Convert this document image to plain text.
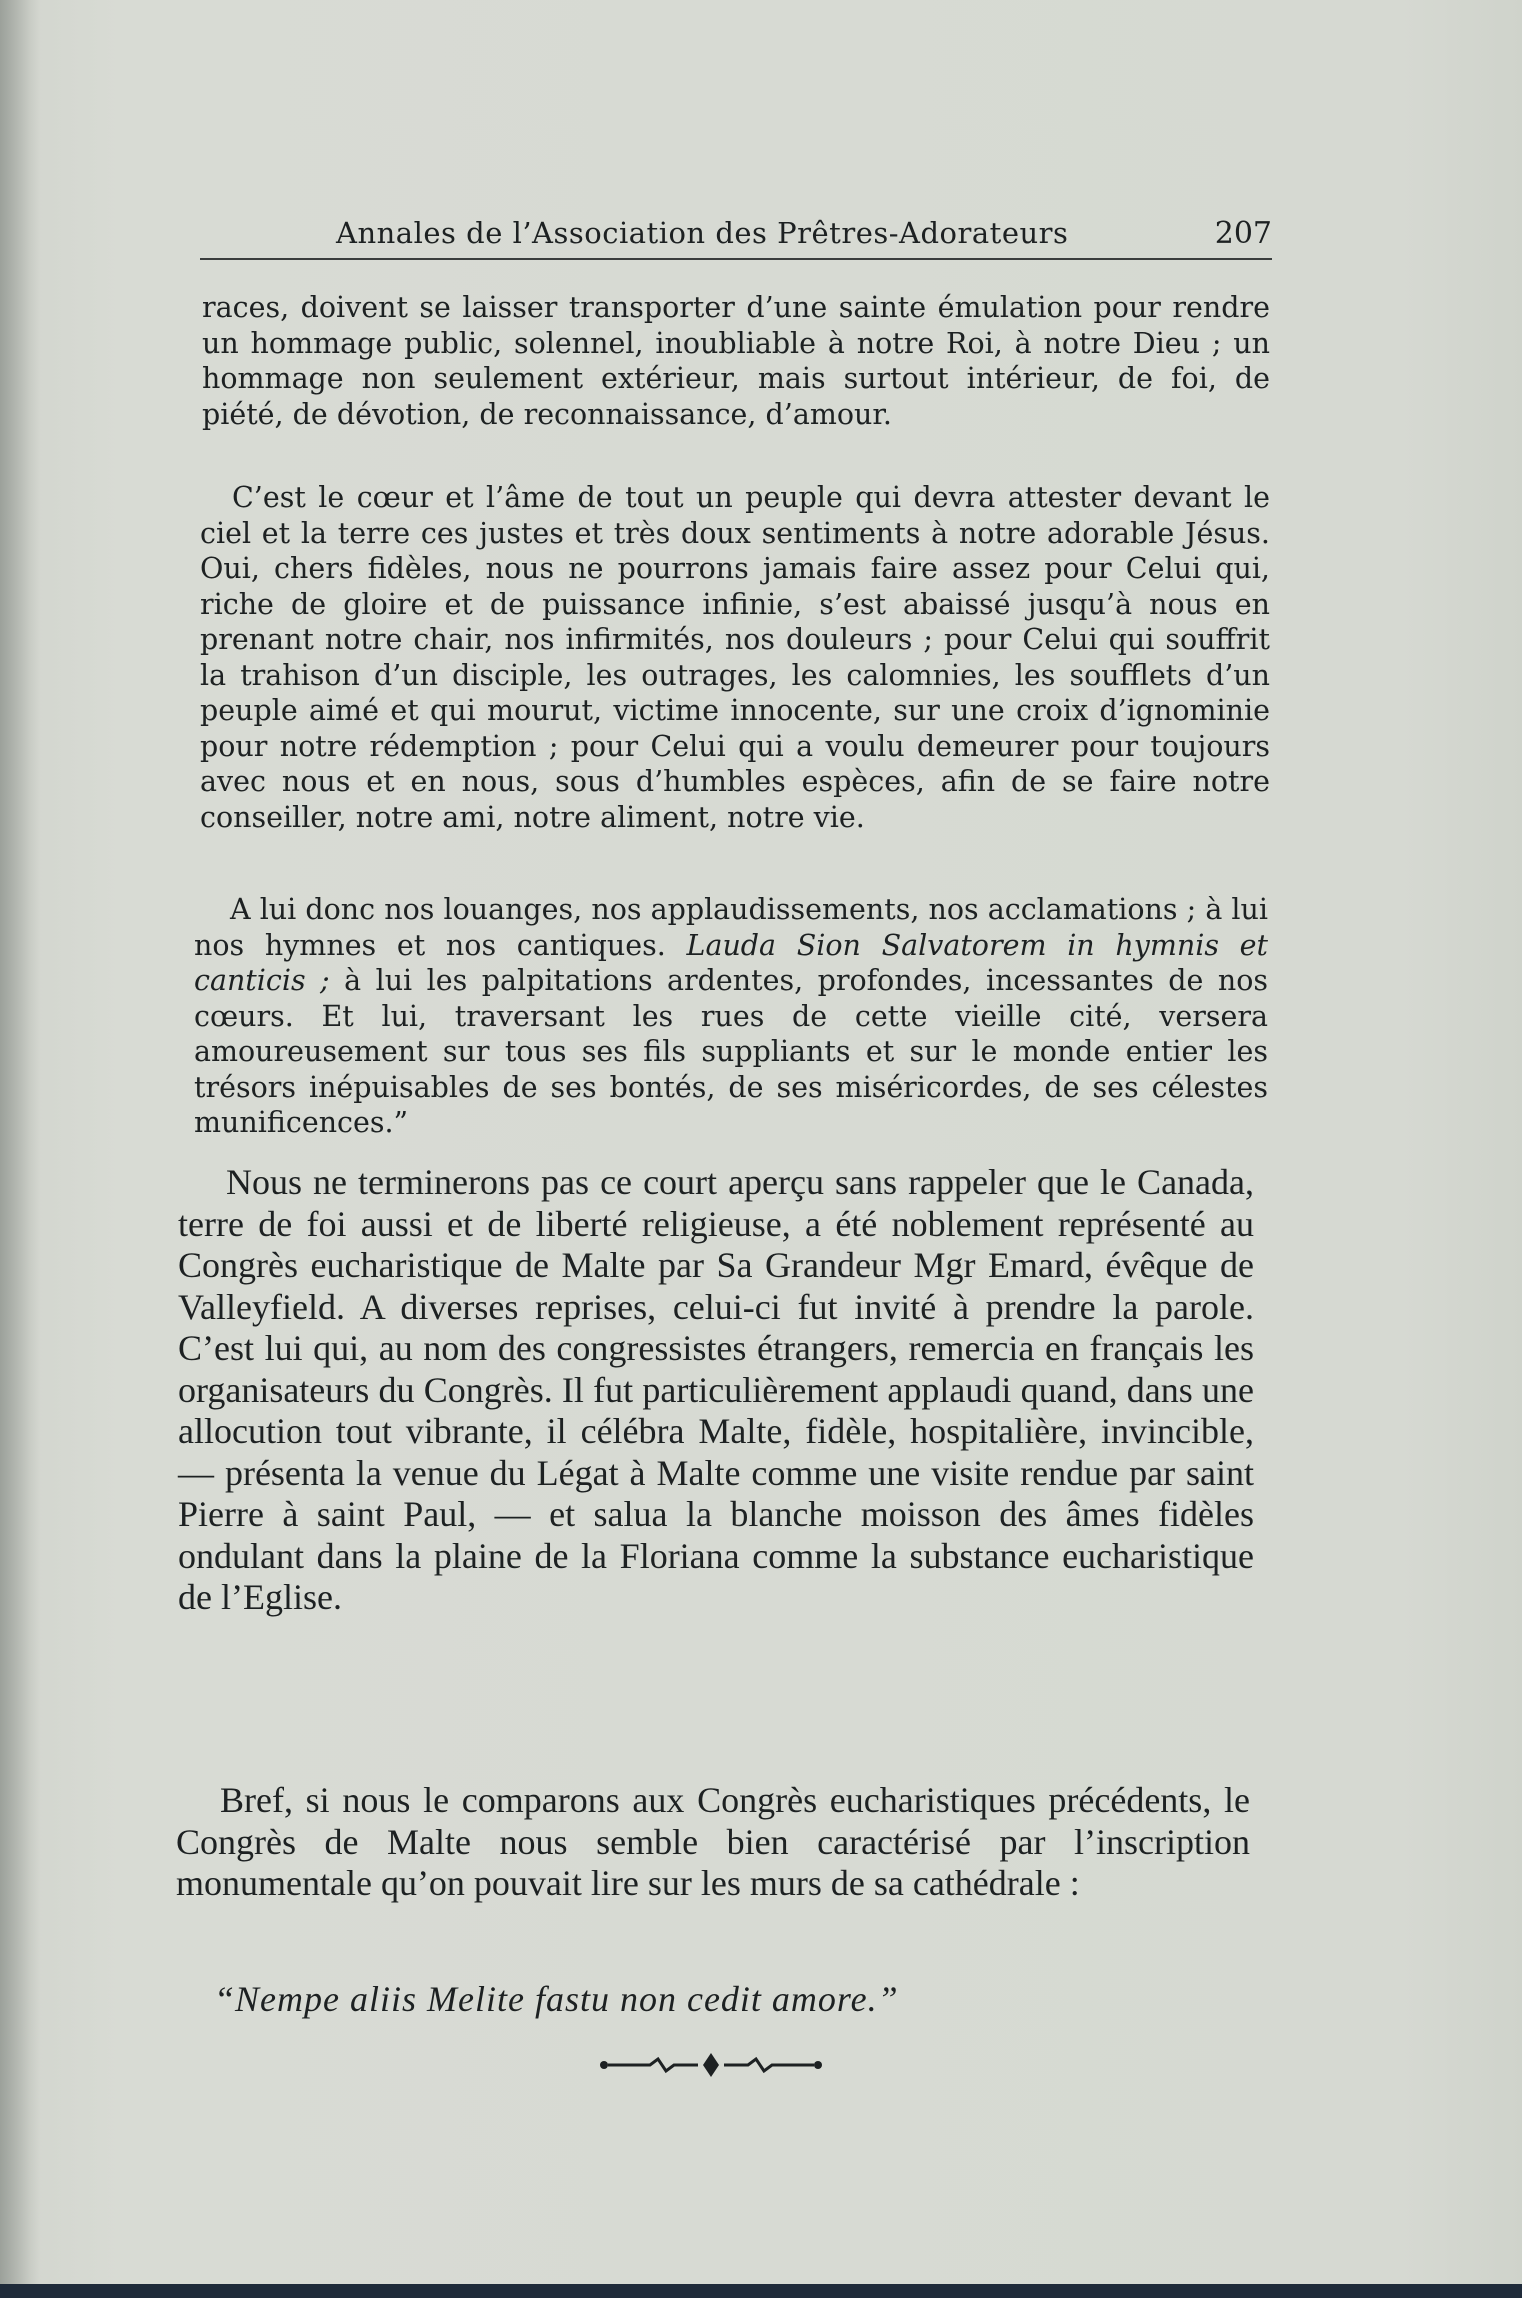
Annales de l’Association des Prêtres-Adorateurs	207

races, doivent se laisser transporter d’une sainte émulation pour rendre un hommage public, solennel, inoubliable à notre Roi, à notre Dieu ; un hommage non seulement extérieur, mais surtout intérieur, de foi, de piété, de dévotion, de reconnaissance, d’amour.

C’est le cœur et l’âme de tout un peuple qui devra attester devant le ciel et la terre ces justes et très doux sentiments à notre adorable Jésus. Oui, chers fidèles, nous ne pourrons jamais faire assez pour Celui qui, riche de gloire et de puissance infinie, s’est abaissé jusqu’à nous en prenant notre chair, nos infirmités, nos douleurs ; pour Celui qui souffrit la trahison d’un disciple, les outrages, les calomnies, les soufflets d’un peuple aimé et qui mourut, victime innocente, sur une croix d’ignominie pour notre rédemption ; pour Celui qui a voulu demeurer pour toujours avec nous et en nous, sous d’humbles espèces, afin de se faire notre conseiller, notre ami, notre aliment, notre vie.

A lui donc nos louanges, nos applaudissements, nos acclamations ; à lui nos hymnes et nos cantiques. Lauda Sion Salvatorem in hymnis et canticis ; à lui les palpitations ardentes, profondes, incessantes de nos cœurs. Et lui, traversant les rues de cette vieille cité, versera amoureusement sur tous ses fils suppliants et sur le monde entier les trésors inépuisables de ses bontés, de ses miséricordes, de ses célestes munificences.”

Nous ne terminerons pas ce court aperçu sans rappeler que le Canada, terre de foi aussi et de liberté religieuse, a été noblement représenté au Congrès eucharistique de Malte par Sa Grandeur Mgr Emard, évêque de Valleyfield. A diverses reprises, celui-ci fut invité à prendre la parole. C’est lui qui, au nom des congressistes étrangers, remercia en français les organisateurs du Congrès. Il fut particulièrement applaudi quand, dans une allocution tout vibrante, il célébra Malte, fidèle, hospitalière, invincible, — présenta la venue du Légat à Malte comme une visite rendue par saint Pierre à saint Paul, — et salua la blanche moisson des âmes fidèles ondulant dans la plaine de la Floriana comme la substance eucharistique de l’Eglise.

Bref, si nous le comparons aux Congrès eucharistiques précédents, le Congrès de Malte nous semble bien caractérisé par l’inscription monumentale qu’on pouvait lire sur les murs de sa cathédrale :

“Nempe aliis Melite fastu non cedit amore.”
